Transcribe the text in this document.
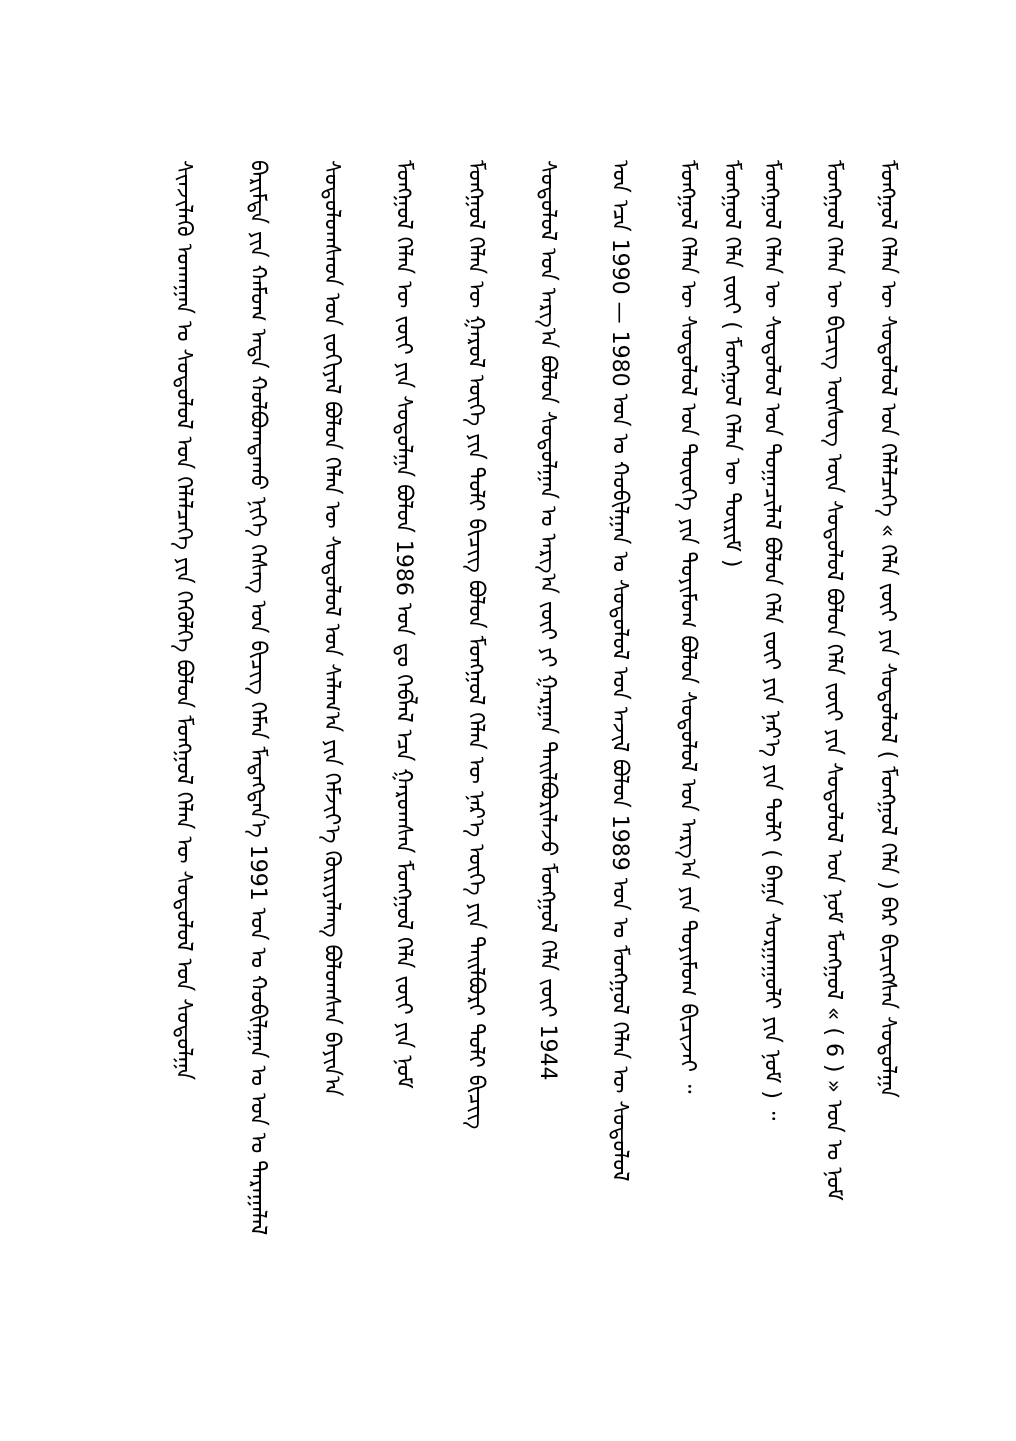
ᠰᠢᠨᠵᠢᠯᠡᠬᠦ ᠤᠬᠠᠭᠠᠨ ᠤ ᠰᠤᠳᠤᠯᠤᠯ ᠤᠨ ᠬᠡᠯᠡᠯᠴᠡᠭᠡ ᠶᠢᠨ ᠬᠡᠭᠦᠯᠭᠡ ᠪᠣᠯᠤᠨ ᠮᠣᠩᠭᠣᠯ ᠬᠡᠯᠡᠨ ᠦ ᠰᠤᠳᠤᠯᠤᠯ ᠤᠨ ᠰᠤᠳᠤᠯᠭᠠ ᠪᠠᠷᠢᠮᠲᠠ ᠶᠢᠨ ᠬᠠᠮᠤᠭ ᠡᠨᠳᠡ ᠬᠣᠯᠪᠣᠭᠳᠠᠬᠤ ᠨᠢᠭᠡ ᠬᠡᠰᠡᠭ ᠤᠨ ᠪᠢᠴᠢᠭ ᠬᠡᠮᠡᠨ ᠮᠡᠳᠡᠭᠳᠡᠨ᠎ᠡ 1991 ᠣᠨ ᠤ ᠬᠤᠪᠢᠯᠭᠠᠨ ᠤ ᠣᠨ ᠤ ᠳᠠᠷᠠᠭᠠᠯᠠᠯ ᠰᠤᠳᠤᠯᠤᠭᠰᠠᠳ ᠤᠨ ᠵᠣᠬᠢᠶᠠᠯ ᠪᠣᠯᠤᠨ ᠬᠡᠯᠡᠨ ᠦ ᠰᠤᠳᠤᠯᠤᠯ ᠤᠨ ᠰᠠᠯᠠᠭ᠎ᠠ ᠶᠢᠨ ᠬᠡᠮᠵᠢᠶ᠎ᠡ ᠬᠦᠷᠢᠶᠡᠯᠡᠩ ᠪᠣᠯᠤᠭᠰᠠᠨ ᠪᠠᠶᠢᠨ᠎ᠠ ᠮᠣᠩᠭᠣᠯ ᠬᠡᠯᠡᠨ ᠦ ᠵᠦᠢ ᠶᠢᠨ ᠰᠤᠳᠤᠯᠭᠠ ᠪᠣᠯᠤᠨ 1986 ᠣᠨ ᠳᠤ ᠬᠡᠪᠯᠡᠯ ᠡᠴᠡ ᠭᠠᠷᠤᠭᠰᠠᠨ ᠮᠣᠩᠭᠣᠯ ᠬᠡᠯᠡ ᠵᠦᠢ ᠶᠢᠨ ᠨᠣᠮ ᠮᠣᠩᠭᠣᠯ ᠬᠡᠯᠡᠨ ᠦ ᠭᠠᠷᠤᠯ ᠦᠭᠡ ᠶᠢᠨ ᠳᠣᠯᠢ ᠪᠢᠴᠢᠭ᠌ ᠪᠣᠯᠤᠨ ᠮᠣᠩᠭᠣᠯ ᠬᠡᠯᠡᠨ ᠦ ᠨᠡᠷ᠎ᠡ ᠦᠭᠡ ᠶᠢᠨ ᠲᠠᠢᠯᠪᠤᠷᠢ ᠲᠣᠯᠢ ᠪᠢᠴᠢᠭ ᠰᠤᠳᠤᠯᠤᠯ ᠤᠨ ᠠᠷᠭ᠎ᠠ ᠪᠣᠯᠤᠨ ᠰᠤᠳᠤᠯᠭᠠᠨ ᠤ ᠠᠷᠭ᠎ᠠ ᠵᠦᠢ ᠶᠢ ᠭᠠᠷᠭᠠᠨ ᠲᠠᠢᠯᠪᠤᠷᠢᠯᠠᠵᠤ ᠮᠣᠩᠭᠣᠯ ᠬᠡᠯᠡ ᠵᠦᠢ 1944 ᠣᠨ ᠡᠴᠡ 1990 — 1980 ᠣᠨ ᠤ ᠬᠤᠪᠢᠯᠭᠠᠨ ᠤ ᠰᠤᠳᠤᠯᠤᠯ ᠤᠨ ᠠᠵᠢᠯ ᠪᠣᠯᠤᠨ 1989 ᠣᠨ ᠤ ᠮᠣᠩᠭᠣᠯ ᠬᠡᠯᠡᠨ ᠦ ᠰᠤᠳᠤᠯᠤᠯ ᠮᠣᠩᠭᠣᠯ ᠬᠡᠯᠡᠨ ᠦ ᠰᠤᠳᠤᠯᠤᠯ ᠤᠨ ᠲᠦᠦᠬᠡ ᠶᠢᠨ ᠳᠣᠶᠢᠮᠣᠭ ᠪᠣᠯᠤᠨ ᠰᠤᠳᠤᠯᠤᠯ ᠤᠨ ᠠᠷᠭ᠎ᠠ ᠶᠢᠨ ᠲᠣᠶᠢᠮᠣᠭ ᠪᠢᠴᠢᠵᠡᠢ ᠃ ᠮᠣᠩᠭᠣᠯ ᠬᠡᠯᠡ ᠵᠦᠢ ( ᠮᠣᠩᠭᠣᠯ ᠬᠡᠯᠡᠨ ᠦ ᠳᠦᠷᠢᠮ ) ᠮᠣᠩᠭᠣᠯ ᠬᠡᠯᠡᠨ ᠦ ᠰᠤᠳᠤᠯᠤᠯ ᠤᠨ ᠲᠣᠭᠠᠴᠢᠯᠠᠯ ᠪᠣᠯᠤᠨ ᠬᠡᠯᠡ ᠵᠦᠢ ᠶᠢᠨ ᠨᠡᠷ᠎ᠡ ᠶᠢᠨ ᠲᠣᠯᠢ ( ᠪᠠᠭᠠ ᠰᠤᠷᠭᠠᠭᠤᠯᠢ ᠶᠢᠨ ᠨᠣᠮ ) ᠃ ᠮᠣᠩᠭᠣᠯ ᠬᠡᠯᠡᠨ ᠦ ᠪᠢᠴᠢᠭ ᠦᠰᠦᠭ ᠦᠨ ᠰᠤᠳᠤᠯᠤᠯ ᠪᠣᠯᠤᠨ ᠬᠡᠯᠡ ᠵᠦᠢ ᠶᠢᠨ ᠰᠤᠳᠤᠯᠤᠯ ᠤᠨ ᠨᠣᠮ ᠮᠣᠩᠭᠣᠯ « ( 6 ) » ᠣᠨ ᠤ ᠨᠣᠮ ᠮᠣᠩᠭᠣᠯ ᠬᠡᠯᠡᠨ ᠦ ᠰᠤᠳᠤᠯᠤᠯ ᠤᠨ ᠬᠡᠯᠡᠯᠴᠡᠭᠡ « ᠬᠡᠯᠡ ᠵᠦᠢ ᠶᠢᠨ ᠰᠤᠳᠤᠯᠤᠯ ( ᠮᠣᠩᠭᠣᠯ ᠬᠡᠯᠡ ) ᠪᠠᠷ ᠪᠢᠴᠢᠭᠰᠡᠨ ᠰᠤᠳᠤᠯᠭᠠ
